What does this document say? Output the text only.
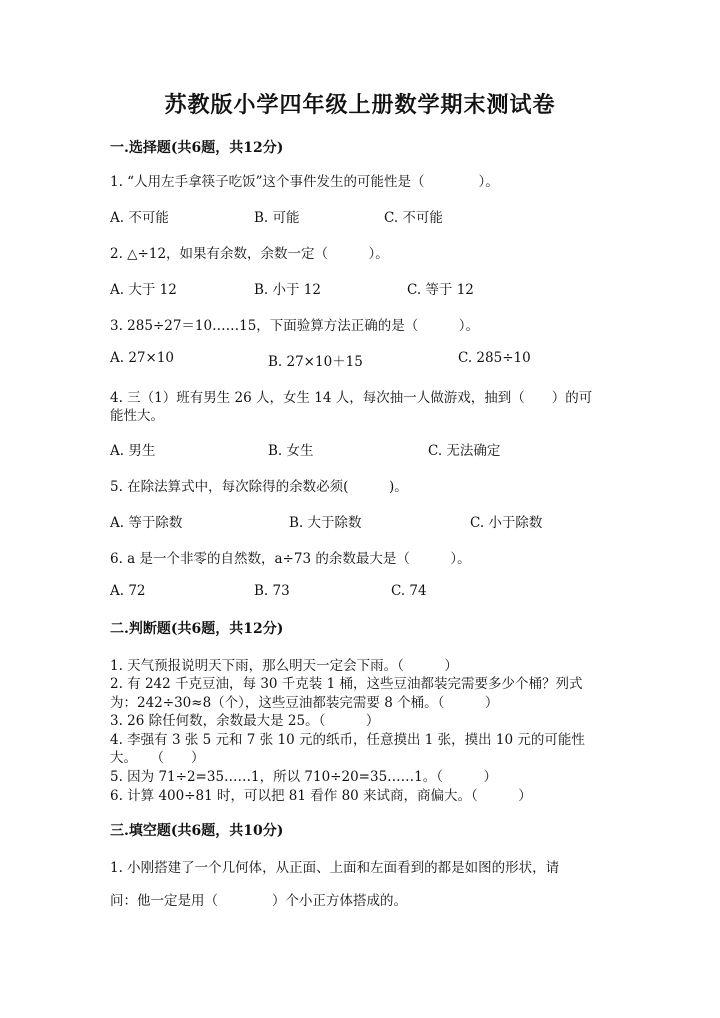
苏教版小学四年级上册数学期末测试卷
一.选择题(共6题，共12分)
1. “人用左手拿筷子吃饭”这个事件发生的可能性是（　　　　）。
A. 不可能	B. 可能	C. 不可能
2. △÷12，如果有余数，余数一定（　　　）。
A. 大于 12	B. 小于 12	C. 等于 12
3. 285÷27＝10……15，下面验算方法正确的是（　　　）。
A. 27×10	B. 27×10＋15	C. 285÷10
4. 三（1）班有男生 26 人，女生 14 人，每次抽一人做游戏，抽到（　　）的可
能性大。
A. 男生	B. 女生	C. 无法确定
5. 在除法算式中，每次除得的余数必须(　　　)。
A. 等于除数	B. 大于除数	C. 小于除数
6. a 是一个非零的自然数，a÷73 的余数最大是（　　　）。
A. 72	B. 73	C. 74
二.判断题(共6题，共12分)
1. 天气预报说明天下雨，那么明天一定会下雨。（　　　）
2. 有 242 千克豆油，每 30 千克装 1 桶，这些豆油都装完需要多少个桶？列式
为：242÷30≈8（个），这些豆油都装完需要 8 个桶。（　　　）
3. 26 除任何数，余数最大是 25。（　　　）
4. 李强有 3 张 5 元和 7 张 10 元的纸币，任意摸出 1 张，摸出 10 元的可能性
大。　　（　　）
5. 因为 71÷2=35……1，所以 710÷20=35……1。（　　　）
6. 计算 400÷81 时，可以把 81 看作 80 来试商，商偏大。（　　　）
三.填空题(共6题，共10分)
1. 小刚搭建了一个几何体，从正面、上面和左面看到的都是如图的形状，请
问：他一定是用（　　　　）个小正方体搭成的。
